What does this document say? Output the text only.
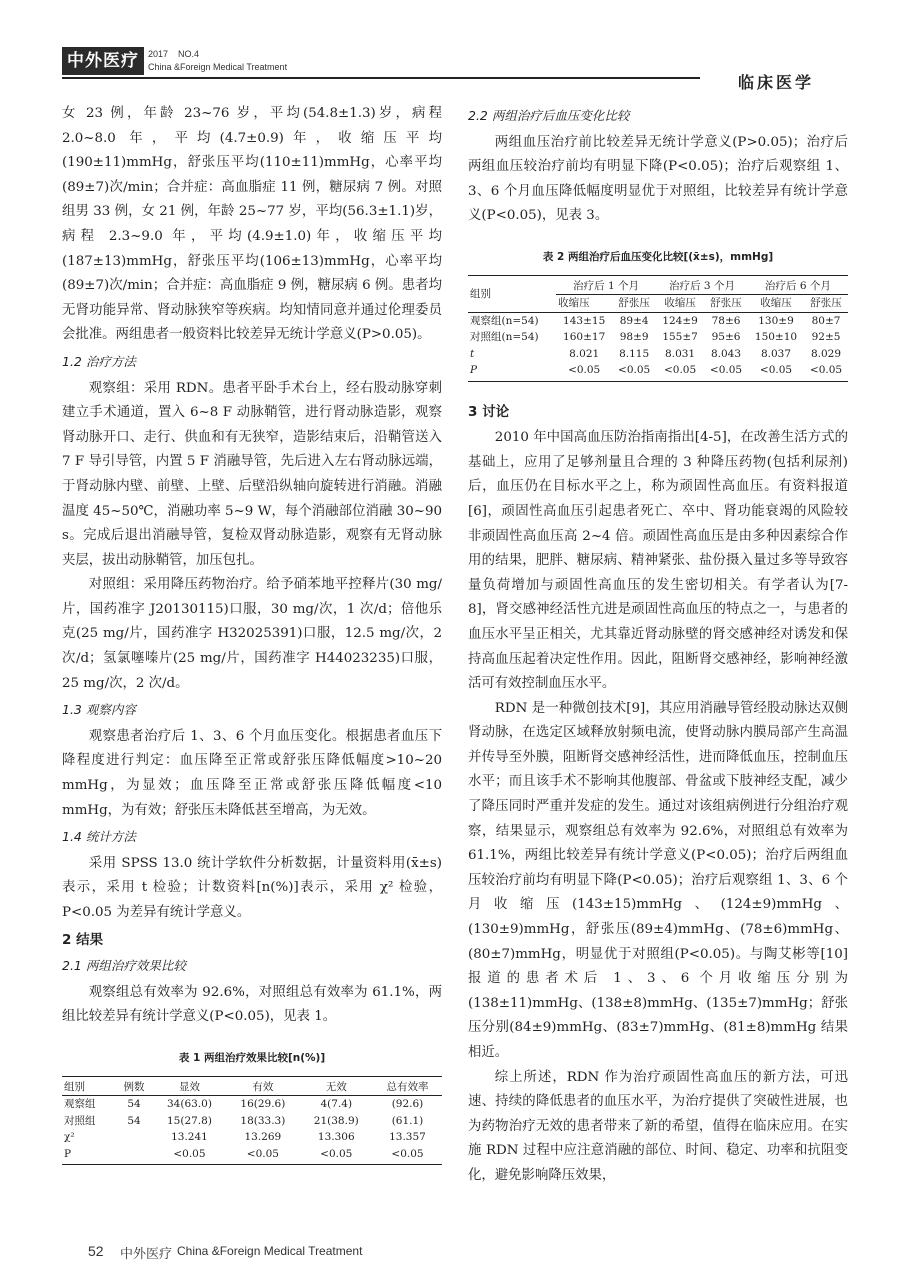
中外医疗	2017 NO.4
China &Foreign Medical Treatment
临床医学

女 23 例，年龄 23~76 岁，平均(54.8±1.3)岁，病程 2.0~8.0 年，平均(4.7±0.9)年，收缩压平均(190±11)mmHg，舒张压平均(110±11)mmHg，心率平均(89±7)次/min；合并症：高血脂症 11 例，糖尿病 7 例。对照组男 33 例，女 21 例，年龄 25~77 岁，平均(56.3±1.1)岁，病程 2.3~9.0 年，平均(4.9±1.0)年，收缩压平均(187±13)mmHg，舒张压平均(106±13)mmHg，心率平均(89±7)次/min；合并症：高血脂症 9 例，糖尿病 6 例。患者均无肾功能异常、肾动脉狭窄等疾病。均知情同意并通过伦理委员会批准。两组患者一般资料比较差异无统计学意义(P>0.05)。

1.2 治疗方法

观察组：采用 RDN。患者平卧手术台上，经右股动脉穿刺建立手术通道，置入 6~8 F 动脉鞘管，进行肾动脉造影，观察肾动脉开口、走行、供血和有无狭窄，造影结束后，沿鞘管送入 7 F 导引导管，内置 5 F 消融导管，先后进入左右肾动脉远端，于肾动脉内壁、前壁、上壁、后壁沿纵轴向旋转进行消融。消融温度 45~50℃，消融功率 5~9 W，每个消融部位消融 30~90 s。完成后退出消融导管，复检双肾动脉造影，观察有无肾动脉夹层，拔出动脉鞘管，加压包扎。

对照组：采用降压药物治疗。给予硝苯地平控释片(30 mg/片，国药准字 J20130115)口服，30 mg/次，1 次/d；倍他乐克(25 mg/片，国药准字 H32025391)口服，12.5 mg/次，2 次/d；氢氯噻嗪片(25 mg/片，国药准字 H44023235)口服，25 mg/次，2 次/d。

1.3 观察内容

观察患者治疗后 1、3、6 个月血压变化。根据患者血压下降程度进行判定：血压降至正常或舒张压降低幅度>10~20 mmHg，为显效；血压降至正常或舒张压降低幅度<10 mmHg，为有效；舒张压未降低甚至增高，为无效。

1.4 统计方法

采用 SPSS 13.0 统计学软件分析数据，计量资料用(x̄±s)表示，采用 t 检验；计数资料[n(%)]表示，采用 χ² 检验，P<0.05 为差异有统计学意义。

2 结果
2.1 两组治疗效果比较

观察组总有效率为 92.6%，对照组总有效率为 61.1%，两组比较差异有统计学意义(P<0.05)，见表 1。

表 1 两组治疗效果比较[n(%)]
组别	例数	显效	有效	无效	总有效率
观察组	54	34(63.0)	16(29.6)	4(7.4)	(92.6)
对照组	54	15(27.8)	18(33.3)	21(38.9)	(61.1)
χ²		13.241	13.269	13.306	13.357
P		<0.05	<0.05	<0.05	<0.05
2.2 两组治疗后血压变化比较

两组血压治疗前比较差异无统计学意义(P>0.05)；治疗后两组血压较治疗前均有明显下降(P<0.05)；治疗后观察组 1、3、6 个月血压降低幅度明显优于对照组，比较差异有统计学意义(P<0.05)，见表 3。

表 2 两组治疗后血压变化比较[(x̄±s)，mmHg]
组别	治疗后 1 个月		治疗后 3 个月		治疗后 6 个月	
	收缩压	舒张压	收缩压	舒张压	收缩压	舒张压
观察组(n=54)	143±15	89±4	124±9	78±6	130±9	80±7
对照组(n=54)	160±17	98±9	155±7	95±6	150±10	92±5
t	8.021	8.115	8.031	8.043	8.037	8.029
P	<0.05	<0.05	<0.05	<0.05	<0.05	<0.05
3 讨论

2010 年中国高血压防治指南指出[4-5]，在改善生活方式的基础上，应用了足够剂量且合理的 3 种降压药物(包括利尿剂)后，血压仍在目标水平之上，称为顽固性高血压。有资料报道[6]，顽固性高血压引起患者死亡、卒中、肾功能衰竭的风险较非顽固性高血压高 2~4 倍。顽固性高血压是由多种因素综合作用的结果，肥胖、糖尿病、精神紧张、盐份摄入量过多等导致容量负荷增加与顽固性高血压的发生密切相关。有学者认为[7-8]，肾交感神经活性亢进是顽固性高血压的特点之一，与患者的血压水平呈正相关，尤其靠近肾动脉壁的肾交感神经对诱发和保持高血压起着决定性作用。因此，阻断肾交感神经，影响神经激活可有效控制血压水平。

RDN 是一种微创技术[9]，其应用消融导管经股动脉达双侧肾动脉，在选定区域释放射频电流，使肾动脉内膜局部产生高温并传导至外膜，阻断肾交感神经活性，进而降低血压，控制血压水平；而且该手术不影响其他腹部、骨盆或下肢神经支配，减少了降压同时严重并发症的发生。通过对该组病例进行分组治疗观察，结果显示，观察组总有效率为 92.6%，对照组总有效率为 61.1%，两组比较差异有统计学意义(P<0.05)；治疗后两组血压较治疗前均有明显下降(P<0.05)；治疗后观察组 1、3、6 个月收缩压(143±15)mmHg、(124±9)mmHg、(130±9)mmHg，舒张压(89±4)mmHg、(78±6)mmHg、(80±7)mmHg，明显优于对照组(P<0.05)。与陶艾彬等[10]报道的患者术后 1、3、6 个月收缩压分别为(138±11)mmHg、(138±8)mmHg、(135±7)mmHg；舒张压分别(84±9)mmHg、(83±7)mmHg、(81±8)mmHg 结果相近。

综上所述，RDN 作为治疗顽固性高血压的新方法，可迅速、持续的降低患者的血压水平，为治疗提供了突破性进展，也为药物治疗无效的患者带来了新的希望，值得在临床应用。在实施 RDN 过程中应注意消融的部位、时间、稳定、功率和抗阻变化，避免影响降压效果，

52 中外医疗 China &Foreign Medical Treatment
